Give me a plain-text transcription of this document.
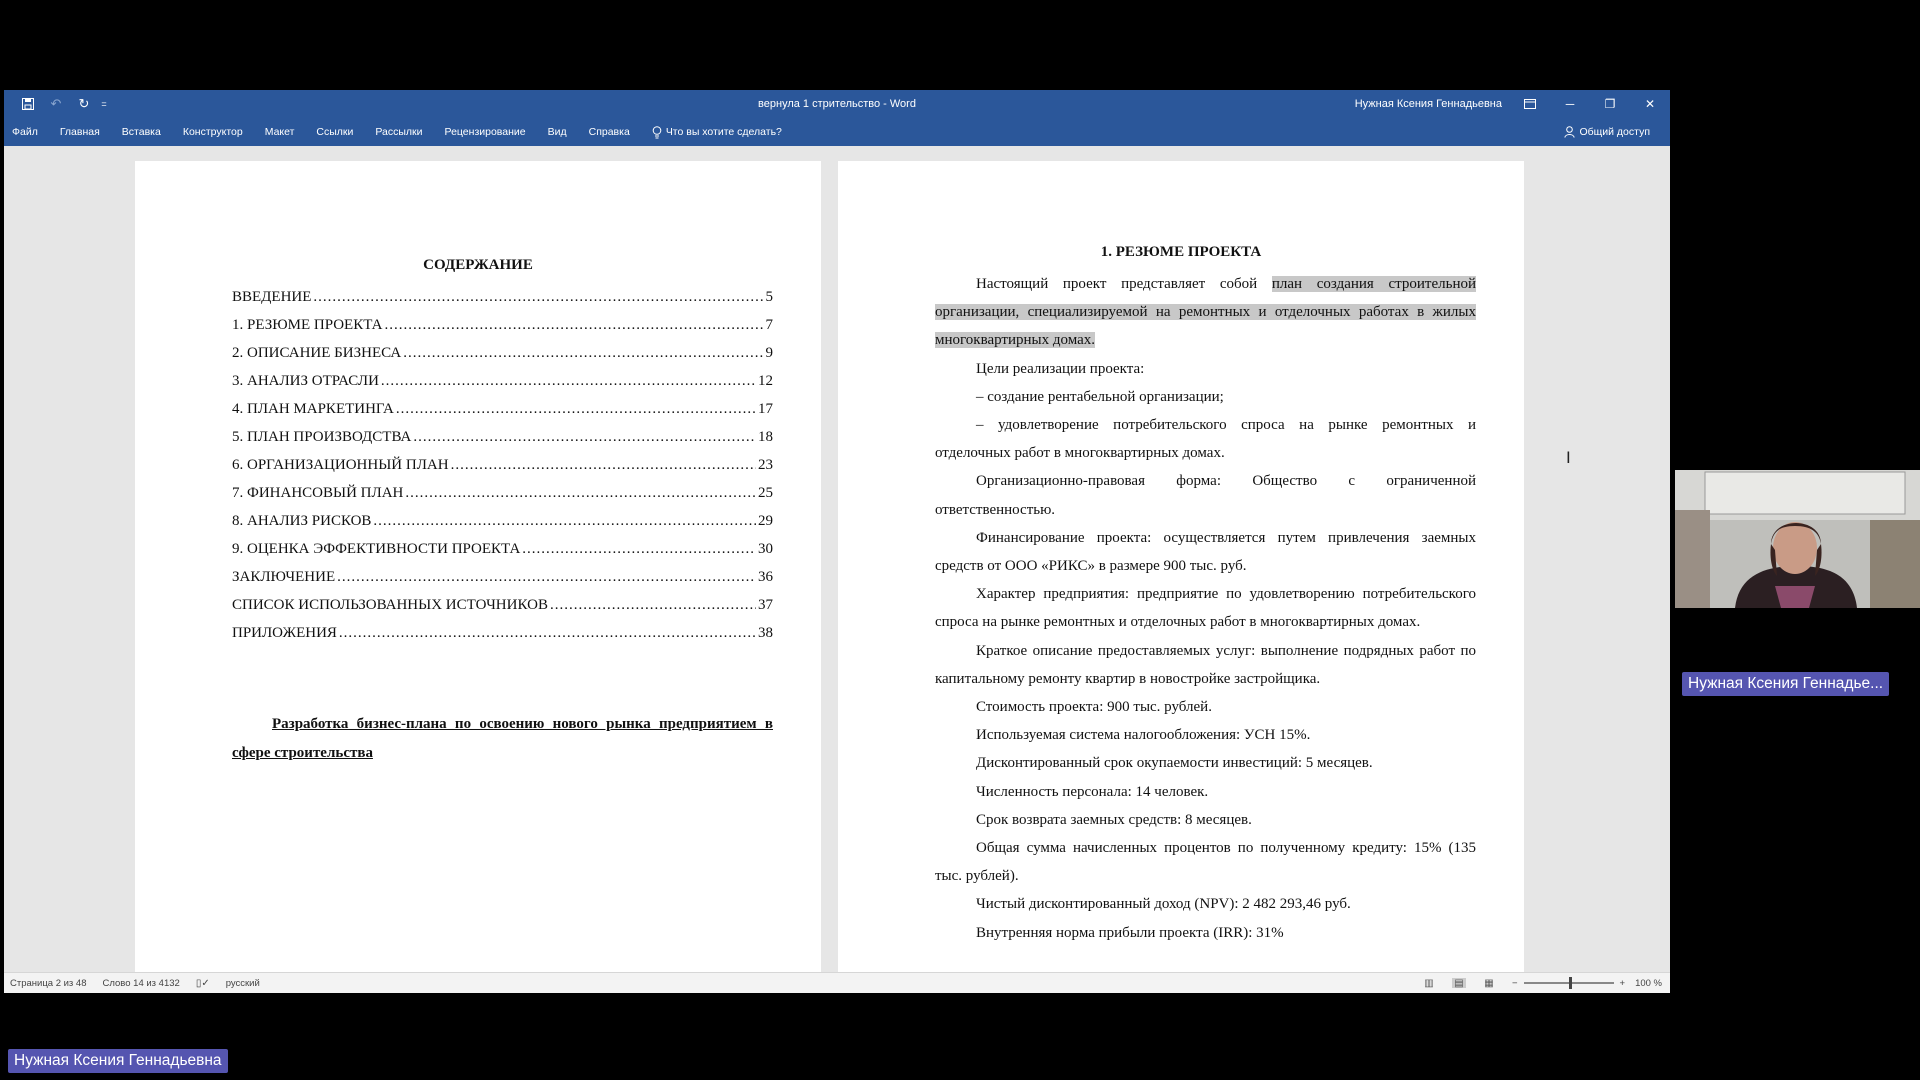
↶	↻	=	вернула 1 стрительство - Word	Нужная Ксения Геннадьевна	─	❐	✕
Файл Главная Вставка Конструктор Макет Ссылки Рассылки Рецензирование Вид Справка	Что вы хотите сделать?	Общий доступ
СОДЕРЖАНИЕ
ВВЕДЕНИЕ .....	5
1. РЕЗЮМЕ ПРОЕКТА .....	7
2. ОПИСАНИЕ БИЗНЕСА .....	9
3. АНАЛИЗ ОТРАСЛИ .....	12
4. ПЛАН МАРКЕТИНГА .....	17
5. ПЛАН ПРОИЗВОДСТВА .....	18
6. ОРГАНИЗАЦИОННЫЙ ПЛАН .....	23
7. ФИНАНСОВЫЙ ПЛАН .....	25
8. АНАЛИЗ РИСКОВ .....	29
9. ОЦЕНКА ЭФФЕКТИВНОСТИ ПРОЕКТА .....	30
ЗАКЛЮЧЕНИЕ .....	36
СПИСОК ИСПОЛЬЗОВАННЫХ ИСТОЧНИКОВ .....	37
ПРИЛОЖЕНИЯ .....	38
Разработка бизнес-плана по освоению нового рынка предприятием в сфере строительства
1. РЕЗЮМЕ ПРОЕКТА

Настоящий проект представляет собой план создания строительной организации, специализируемой на ремонтных и отделочных работах в жилых многоквартирных домах.

Цели реализации проекта:

– создание рентабельной организации;

– удовлетворение потребительского спроса на рынке ремонтных и отделочных работ в многоквартирных домах.

Организационно-правовая форма: Общество с ограниченной ответственностью.

Финансирование проекта: осуществляется путем привлечения заемных средств от ООО «РИКС» в размере 900 тыс. руб.

Характер предприятия: предприятие по удовлетворению потребительского спроса на рынке ремонтных и отделочных работ в многоквартирных домах.

Краткое описание предоставляемых услуг: выполнение подрядных работ по капитальному ремонту квартир в новостройке застройщика.

Стоимость проекта: 900 тыс. рублей.

Используемая система налогообложения: УСН 15%.

Дисконтированный срок окупаемости инвестиций: 5 месяцев.

Численность персонала: 14 человек.

Срок возврата заемных средств: 8 месяцев.

Общая сумма начисленных процентов по полученному кредиту: 15% (135 тыс. рублей).

Чистый дисконтированный доход (NPV): 2 482 293,46 руб.

Внутренняя норма прибыли проекта (IRR): 31%

Страница 2 из 48 Слово 14 из 4132 ▯✓ русский	▥ ▤ ▦ −	+ 100 %
I
Нужная Ксения Геннадье...
Нужная Ксения Геннадьевна
